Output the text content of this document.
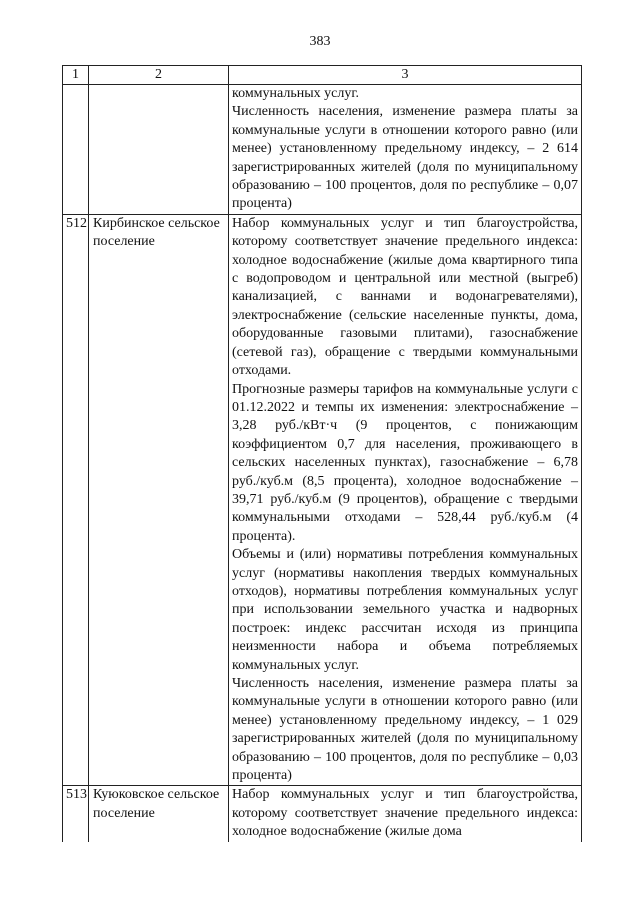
383
1	2	3

		коммунальных услуг.
Численность населения, изменение размера платы за коммунальные услуги в отношении которого равно (или менее) установленному предельному индексу, – 2 614 зарегистрированных жителей (доля по муниципальному образованию – 100 процентов, доля по республике – 0,07 процента)

512	Кирбинское сельское поселение	Набор коммунальных услуг и тип благоустройства, которому соответствует значение предельного индекса: холодное водоснабжение (жилые дома квартирного типа с водопроводом и центральной или местной (выгреб) канализацией, с ваннами и водонагревателями), электроснабжение (сельские населенные пункты, дома, оборудованные газовыми плитами), газоснабжение (сетевой газ), обращение с твердыми коммунальными отходами.
Прогнозные размеры тарифов на коммунальные услуги с 01.12.2022 и темпы их изменения: электроснабжение – 3,28 руб./кВт·ч (9 процентов, с понижающим коэффициентом 0,7 для населения, проживающего в сельских населенных пунктах), газоснабжение – 6,78 руб./куб.м (8,5 процента), холодное водоснабжение – 39,71 руб./куб.м (9 процентов), обращение с твердыми коммунальными отходами – 528,44 руб./куб.м (4 процента).
Объемы и (или) нормативы потребления коммунальных услуг (нормативы накопления твердых коммунальных отходов), нормативы потребления коммунальных услуг при использовании земельного участка и надворных построек: индекс рассчитан исходя из принципа неизменности набора и объема потребляемых коммунальных услуг.
Численность населения, изменение размера платы за коммунальные услуги в отношении которого равно (или менее) установленному предельному индексу, – 1 029 зарегистрированных жителей (доля по муниципальному образованию – 100 процентов, доля по республике – 0,03 процента)

513	Куюковское сельское поселение	Набор коммунальных услуг и тип благоустройства, которому соответствует значение предельного индекса: холодное водоснабжение (жилые дома
